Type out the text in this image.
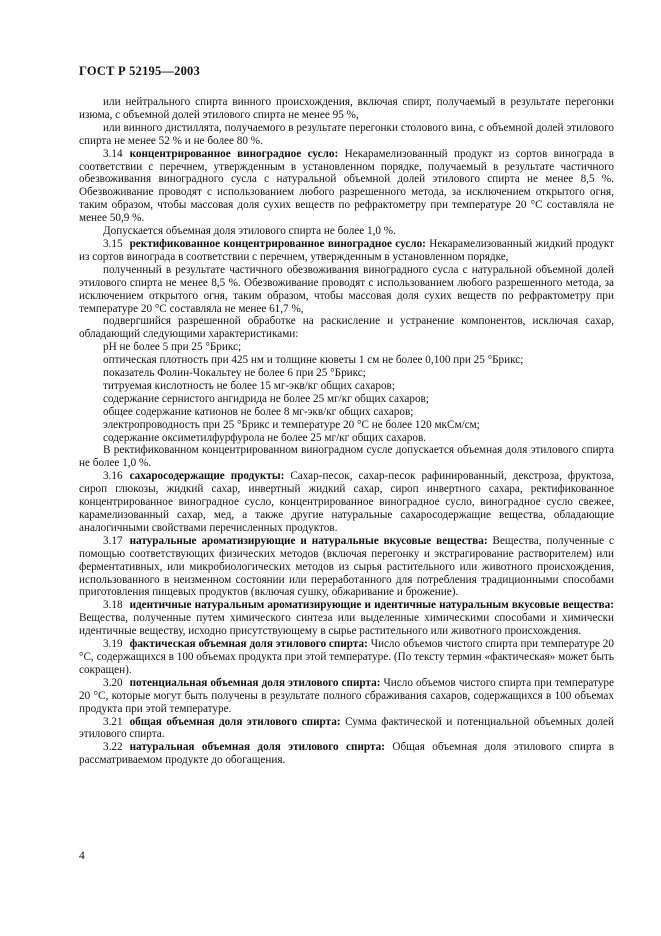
ГОСТ Р 52195—2003

или нейтрального спирта винного происхождения, включая спирт, получаемый в результате перегонки изюма, с объемной долей этилового спирта не менее 95 %,

или винного дистиллята, получаемого в результате перегонки столового вина, с объемной долей этилового спирта не менее 52 % и не более 80 %.

3.14 концентрированное виноградное сусло: Некарамелизованный продукт из сортов винограда в соответствии с перечнем, утвержденным в установленном порядке, получаемый в результате частичного обезвоживания виноградного сусла с натуральной объемной долей этилового спирта не менее 8,5 %. Обезвоживание проводят с использованием любого разрешенного метода, за исключением открытого огня, таким образом, чтобы массовая доля сухих веществ по рефрактометру при температуре 20 °С составляла не менее 50,9 %.

Допускается объемная доля этилового спирта не более 1,0 %.

3.15 ректификованное концентрированное виноградное сусло: Некарамелизованный жидкий продукт из сортов винограда в соответствии с перечнем, утвержденным в установленном порядке,

полученный в результате частичного обезвоживания виноградного сусла с натуральной объемной долей этилового спирта не менее 8,5 %. Обезвоживание проводят с использованием любого разрешенного метода, за исключением открытого огня, таким образом, чтобы массовая доля сухих веществ по рефрактометру при температуре 20 °С составляла не менее 61,7 %,

подвергшийся разрешенной обработке на раскисление и устранение компонентов, исключая сахар, обладающий следующими характеристиками:

рН не более 5 при 25 °Брикс;

оптическая плотность при 425 нм и толщине кюветы 1 см не более 0,100 при 25 °Брикс;

показатель Фолин-Чокальтеу не более 6 при 25 °Брикс;

титруемая кислотность не более 15 мг-экв/кг общих сахаров;

содержание сернистого ангидрида не более 25 мг/кг общих сахаров;

общее содержание катионов не более 8 мг-экв/кг общих сахаров;

электропроводность при 25 °Брикс и температуре 20 °С не более 120 мкСм/см;

содержание оксиметилфурфурола не более 25 мг/кг общих сахаров.

В ректификованном концентрированном виноградном сусле допускается объемная доля этилового спирта не более 1,0 %.

3.16 сахаросодержащие продукты: Сахар-песок, сахар-песок рафинированный, декстроза, фруктоза, сироп глюкозы, жидкий сахар, инвертный жидкий сахар, сироп инвертного сахара, ректификованное концентрированное виноградное сусло, концентрированное виноградное сусло, виноградное сусло свежее, карамелизованный сахар, мед, а также другие натуральные сахаросодержащие вещества, обладающие аналогичными свойствами перечисленных продуктов.

3.17 натуральные ароматизирующие и натуральные вкусовые вещества: Вещества, полученные с помощью соответствующих физических методов (включая перегонку и экстрагирование растворителем) или ферментативных, или микробиологических методов из сырья растительного или животного происхождения, использованного в неизменном состоянии или переработанного для потребления традиционными способами приготовления пищевых продуктов (включая сушку, обжаривание и брожение).

3.18 идентичные натуральным ароматизирующие и идентичные натуральным вкусовые вещества: Вещества, полученные путем химического синтеза или выделенные химическими способами и химически идентичные веществу, исходно присутствующему в сырье растительного или животного происхождения.

3.19 фактическая объемная доля этилового спирта: Число объемов чистого спирта при температуре 20 °С, содержащихся в 100 объемах продукта при этой температуре. (По тексту термин «фактическая» может быть сокращен).

3.20 потенциальная объемная доля этилового спирта: Число объемов чистого спирта при температуре 20 °С, которые могут быть получены в результате полного сбраживания сахаров, содержащихся в 100 объемах продукта при этой температуре.

3.21 общая объемная доля этилового спирта: Сумма фактической и потенциальной объемных долей этилового спирта.

3.22 натуральная объемная доля этилового спирта: Общая объемная доля этилового спирта в рассматриваемом продукте до обогащения.

4
